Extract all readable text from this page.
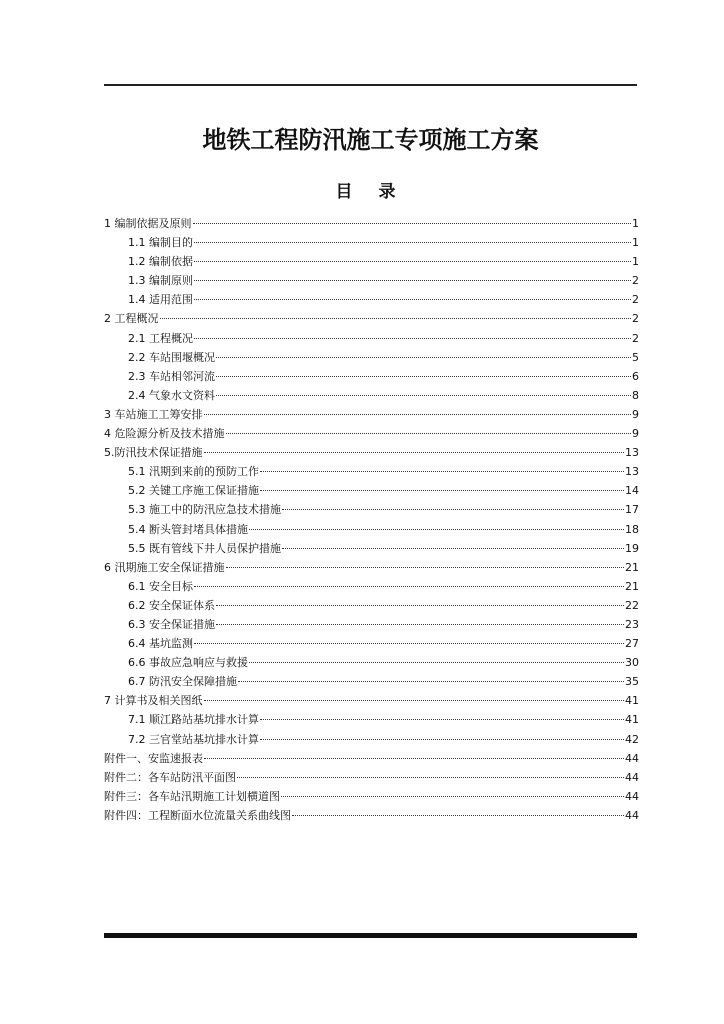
地铁工程防汛施工专项施工方案
目 录
1 编制依据及原则	1
1.1 编制目的	1
1.2 编制依据	1
1.3 编制原则	2
1.4 适用范围	2
2 工程概况	2
2.1 工程概况	2
2.2 车站围堰概况	5
2.3 车站相邻河流	6
2.4 气象水文资料	8
3 车站施工工筹安排	9
4 危险源分析及技术措施	9
5.防汛技术保证措施	13
5.1 汛期到来前的预防工作	13
5.2 关键工序施工保证措施	14
5.3 施工中的防汛应急技术措施	17
5.4 断头管封堵具体措施	18
5.5 既有管线下井人员保护措施	19
6 汛期施工安全保证措施	21
6.1 安全目标	21
6.2 安全保证体系	22
6.3 安全保证措施	23
6.4 基坑监测	27
6.6 事故应急响应与救援	30
6.7 防汛安全保障措施	35
7 计算书及相关图纸	41
7.1 顺江路站基坑排水计算	41
7.2 三官堂站基坑排水计算	42
附件一、安监速报表	44
附件二：各车站防汛平面图	44
附件三：各车站汛期施工计划横道图	44
附件四：工程断面水位流量关系曲线图	44
